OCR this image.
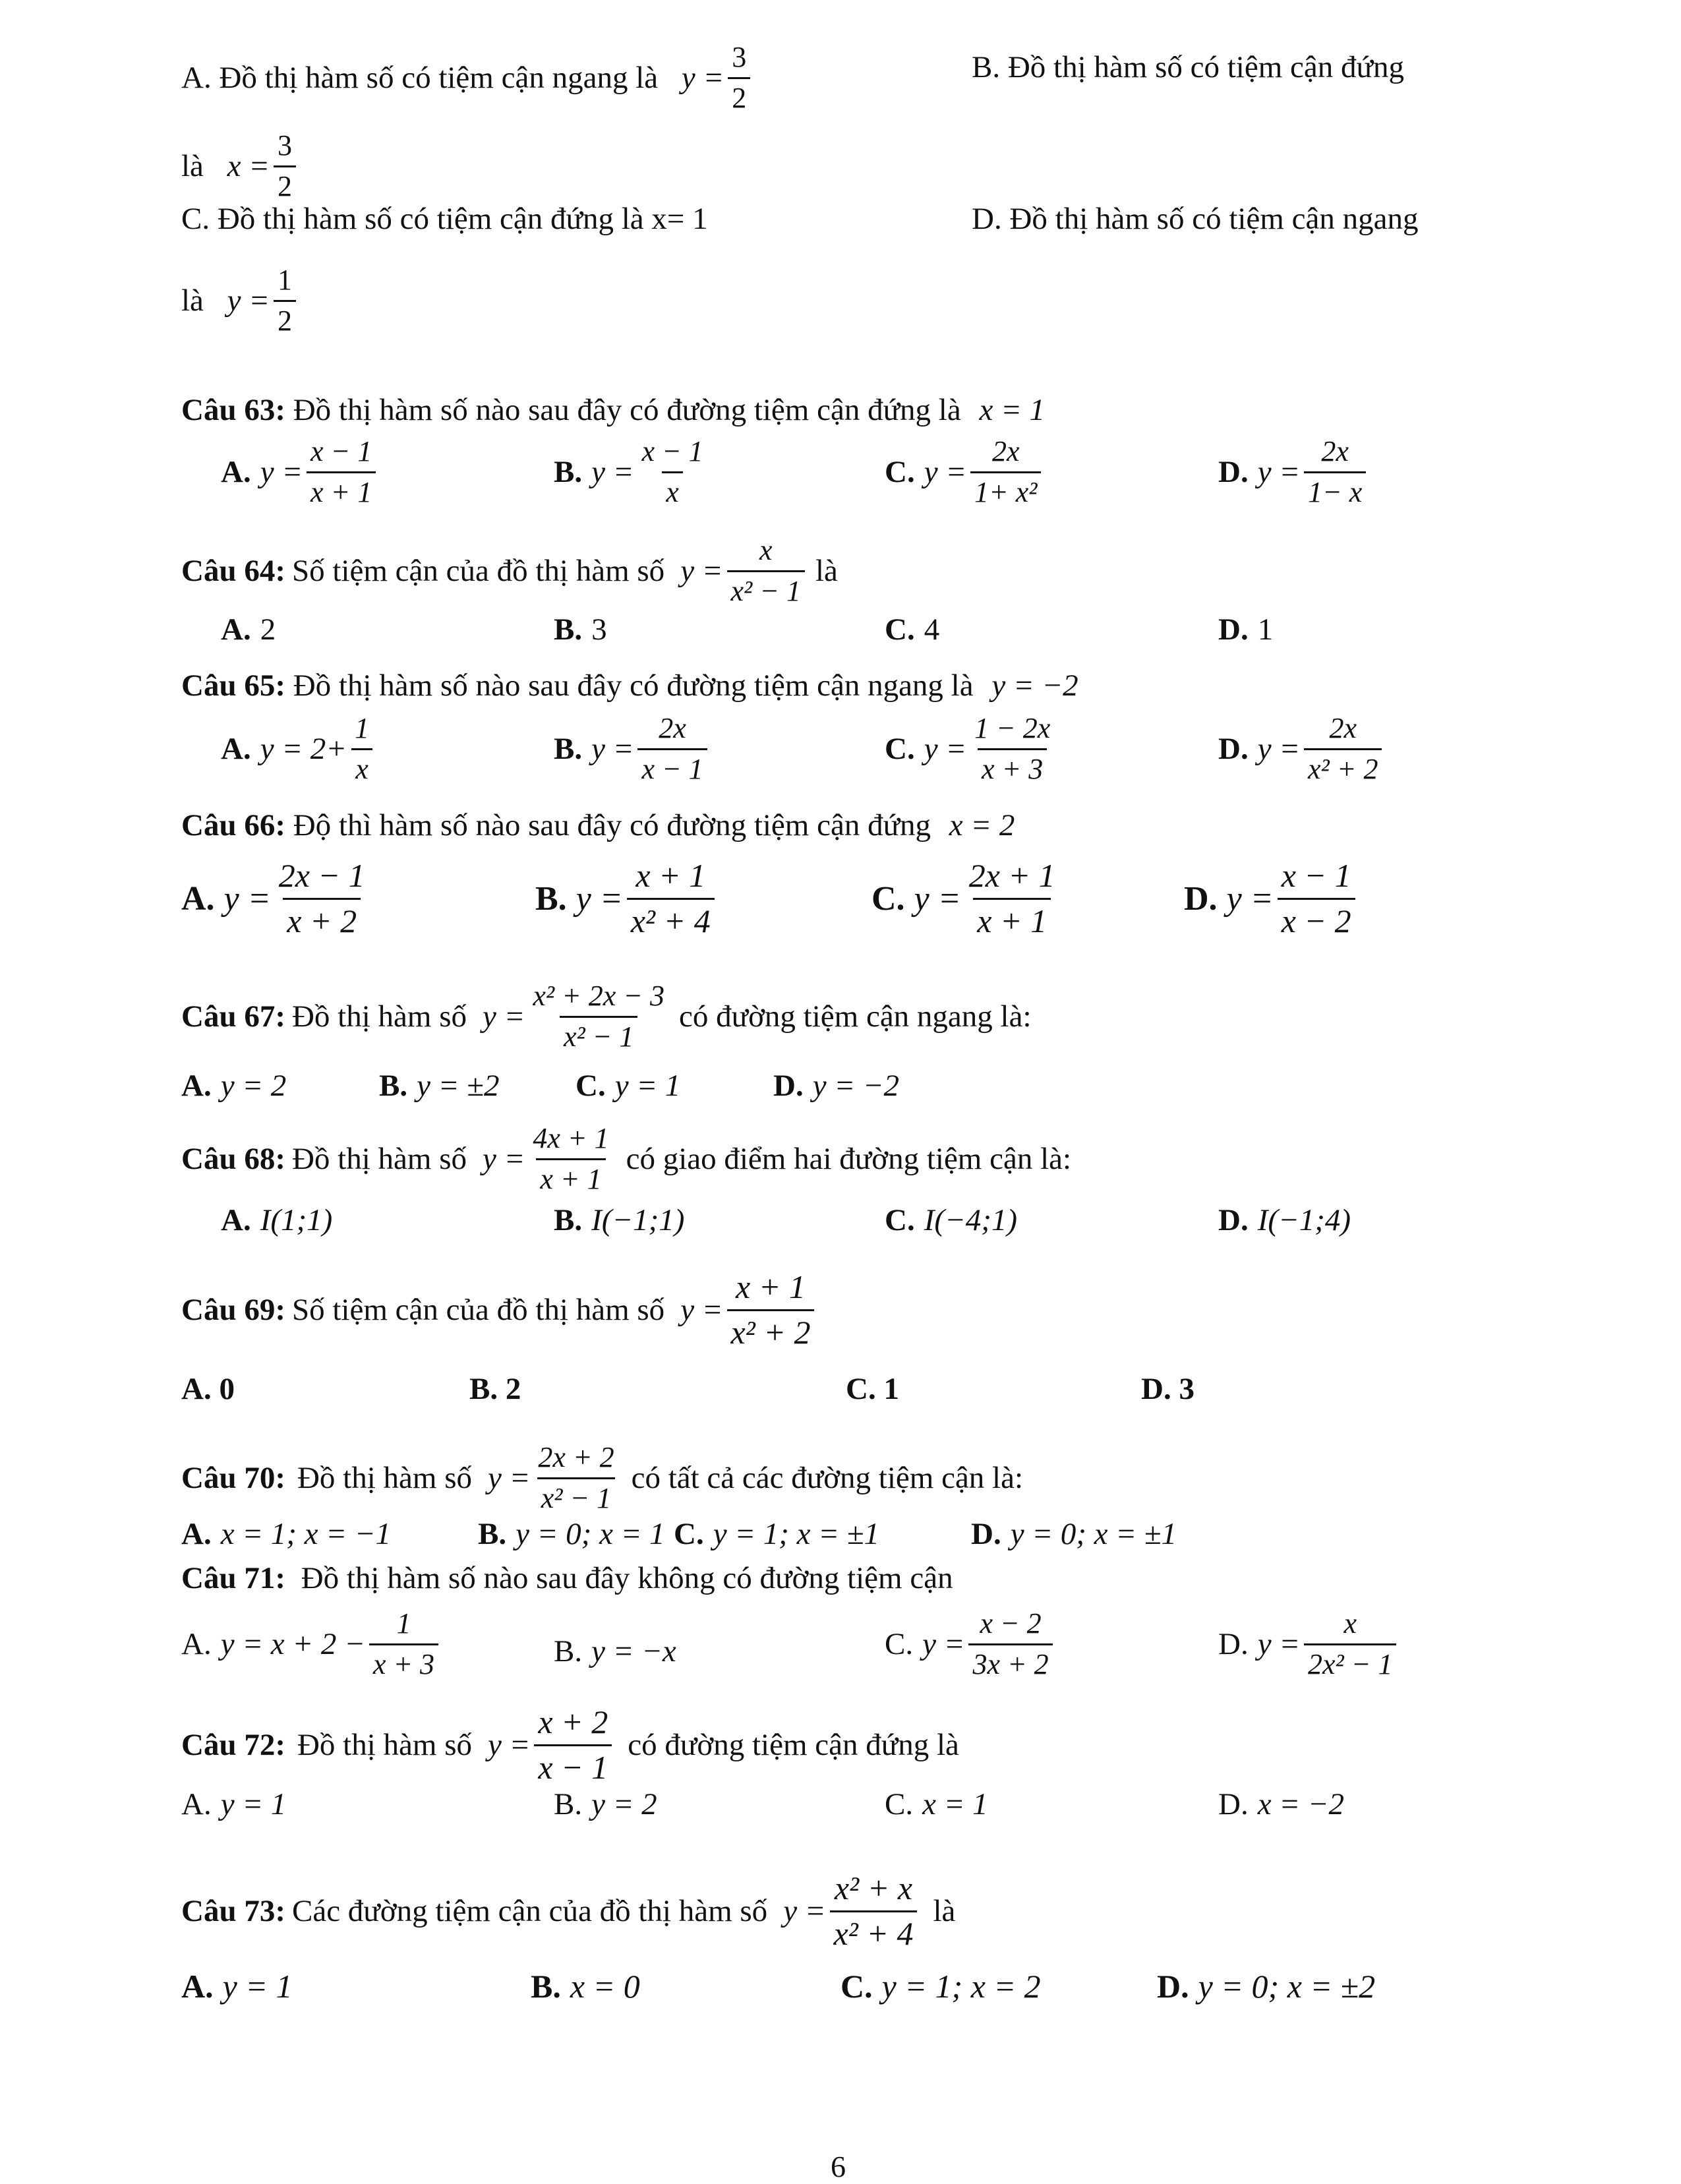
A. Đồ thị hàm số có tiệm cận ngang là $y = \frac{3}{2}$	B. Đồ thị hàm số có tiệm cận đứng
là $x = \frac{3}{2}$
C. Đồ thị hàm số có tiệm cận đứng là x= 1	D. Đồ thị hàm số có tiệm cận ngang
là $y = \frac{1}{2}$
Câu 63: Đồ thị hàm số nào sau đây có đường tiệm cận đứng là x = 1
A. $y = \frac{x - 1}{x + 1}$	B. $y = \frac{x - 1}{x}$	C. $y = \frac{2x}{\text{1+ x²}}$	D. $y = \frac{2x}{1- x}$
Câu 64: Số tiệm cận của đồ thị hàm số $y = \frac{x}{\text{x² − 1}}$ là
A. 2	B. 3	C. 4	D. 1
Câu 65: Đồ thị hàm số nào sau đây có đường tiệm cận ngang là y = −2
A. $y = 2+ \frac{1}{x}$	B. $y = \frac{2x}{x - 1}$	C. $y = \frac{1 - 2x}{x + 3}$	D. $y = \frac{2x}{\text{x² + 2}}$
Câu 66: Độ thì hàm số nào sau đây có đường tiệm cận đứng x = 2
A. $y = \frac{2x - 1}{x + 2}$	B. $y = \frac{x + 1}{\text{x² + 4}}$	C. $y = \frac{2x + 1}{x + 1}$	D. $y = \frac{x - 1}{x - 2}$
Câu 67: Đồ thị hàm số $y = \frac{\text{x² + 2x − 3}}{\text{x² − 1}}$ có đường tiệm cận ngang là:
A. y = 2	B. y = ±2 C. y = 1	D. y = −2
Câu 68: Đồ thị hàm số $y = \frac{4x + 1}{x + 1}$ có giao điểm hai đường tiệm cận là:
A. I(1;1)	B. I(−1;1)	C. I(−4;1)	D. I(−1;4)
Câu 69: Số tiệm cận của đồ thị hàm số $y = \frac{x + 1}{\text{x² + 2}}$
A. 0	B. 2	C. 1	D. 3
Câu 70: Đồ thị hàm số $y = \frac{2x + 2}{\text{x² − 1}}$ có tất cả các đường tiệm cận là:
A. x = 1; x = −1	B. y = 0; x = 1 C. y = 1; x = ±1	D. y = 0; x = ±1
Câu 71: Đồ thị hàm số nào sau đây không có đường tiệm cận
A. $y = x + 2 - \frac{1}{x + 3}$	B. y = −x	C. $y = \frac{x - 2}{3x + 2}$	D. $y = \frac{x}{\text{2x² − 1}}$
Câu 72: Đồ thị hàm số $y = \frac{x + 2}{x - 1}$ có đường tiệm cận đứng là
A. y = 1	B. y = 2	C. x = 1	D. x = −2
Câu 73: Các đường tiệm cận của đồ thị hàm số $y = \frac{\text{x² + x}}{\text{x² + 4}}$ là
A. y = 1	B. x = 0	C. y = 1; x = 2	D. y = 0; x = ±2
6
